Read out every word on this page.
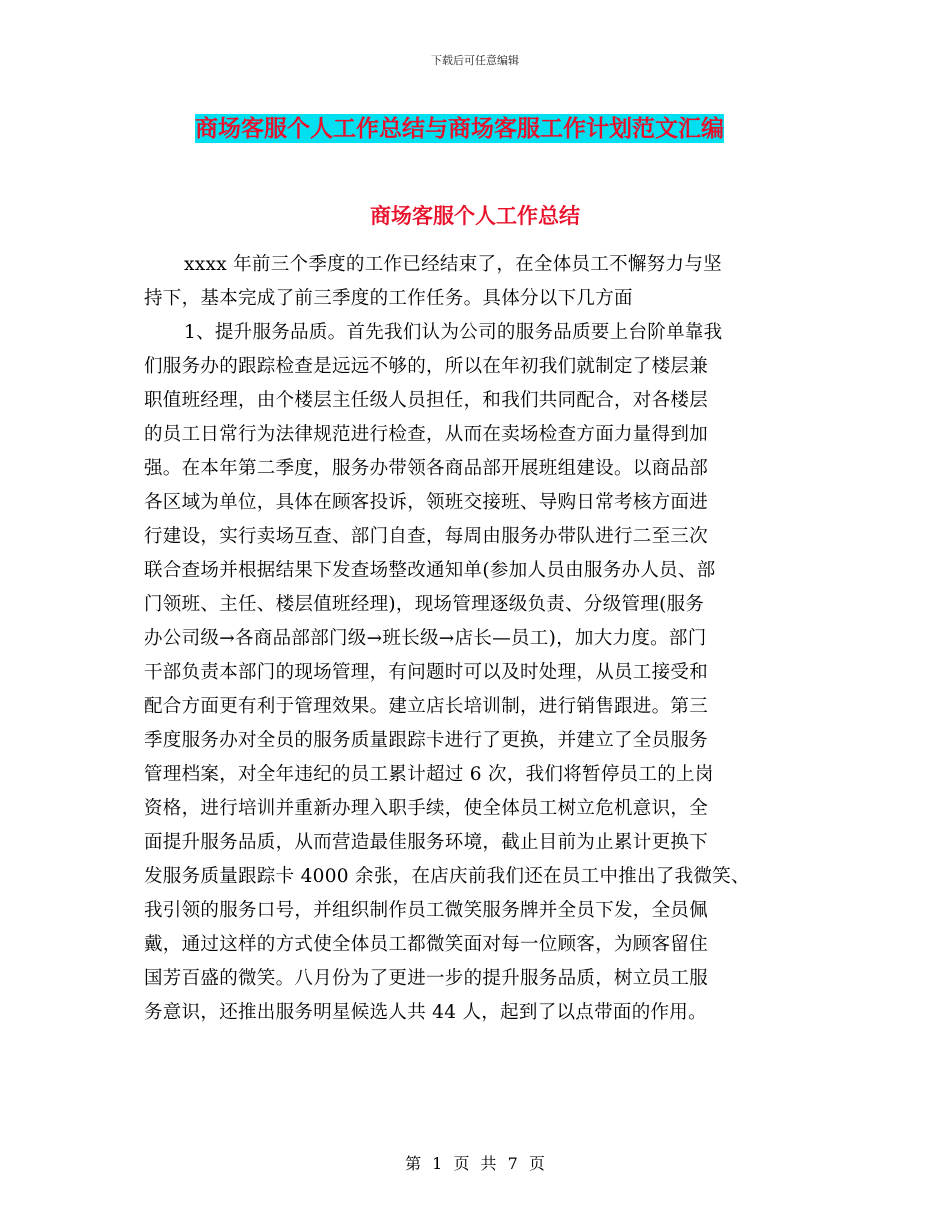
下载后可任意编辑
商场客服个人工作总结与商场客服工作计划范文汇编
商场客服个人工作总结
xxxx 年前三个季度的工作已经结束了，在全体员工不懈努力与坚
持下，基本完成了前三季度的工作任务。具体分以下几方面
1、提升服务品质。首先我们认为公司的服务品质要上台阶单靠我
们服务办的跟踪检查是远远不够的，所以在年初我们就制定了楼层兼
职值班经理，由个楼层主任级人员担任，和我们共同配合，对各楼层
的员工日常行为法律规范进行检查，从而在卖场检查方面力量得到加
强。在本年第二季度，服务办带领各商品部开展班组建设。以商品部
各区域为单位，具体在顾客投诉，领班交接班、导购日常考核方面进
行建设，实行卖场互查、部门自查，每周由服务办带队进行二至三次
联合查场并根据结果下发查场整改通知单(参加人员由服务办人员、部
门领班、主任、楼层值班经理)，现场管理逐级负责、分级管理(服务
办公司级→各商品部部门级→班长级→店长—员工)，加大力度。部门
干部负责本部门的现场管理，有问题时可以及时处理，从员工接受和
配合方面更有利于管理效果。建立店长培训制，进行销售跟进。第三
季度服务办对全员的服务质量跟踪卡进行了更换，并建立了全员服务
管理档案，对全年违纪的员工累计超过 6 次，我们将暂停员工的上岗
资格，进行培训并重新办理入职手续，使全体员工树立危机意识，全
面提升服务品质，从而营造最佳服务环境，截止目前为止累计更换下
发服务质量跟踪卡 4000 余张，在店庆前我们还在员工中推出了我微笑、
我引领的服务口号，并组织制作员工微笑服务牌并全员下发，全员佩
戴，通过这样的方式使全体员工都微笑面对每一位顾客，为顾客留住
国芳百盛的微笑。八月份为了更进一步的提升服务品质，树立员工服
务意识，还推出服务明星候选人共 44 人，起到了以点带面的作用。
第 1 页 共 7 页
